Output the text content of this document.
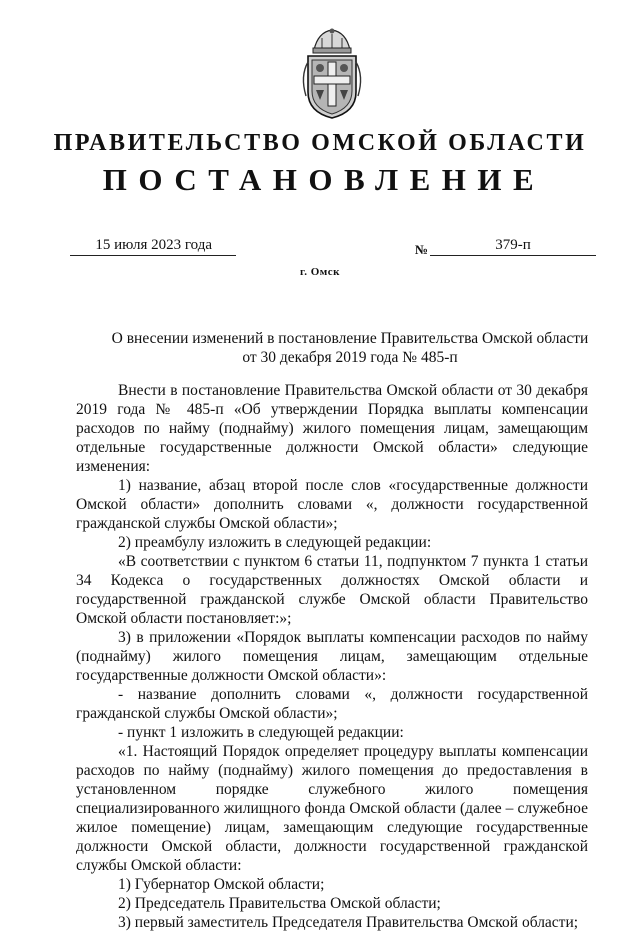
ПРАВИТЕЛЬСТВО ОМСКОЙ ОБЛАСТИ
ПОСТАНОВЛЕНИЕ
15 июля 2023 года	№	379-п
г. Омск
О внесении изменений в постановление Правительства Омской области
от 30 декабря 2019 года № 485-п

Внести в постановление Правительства Омской области от 30 декабря 2019 года № 485-п «Об утверждении Порядка выплаты компенсации расходов по найму (поднайму) жилого помещения лицам, замещающим отдельные государственные должности Омской области» следующие изменения:

1) название, абзац второй после слов «государственные должности Омской области» дополнить словами «, должности государственной гражданской службы Омской области»;

2) преамбулу изложить в следующей редакции:

«В соответствии с пунктом 6 статьи 11, подпунктом 7 пункта 1 статьи 34 Кодекса о государственных должностях Омской области и государственной гражданской службе Омской области Правительство Омской области постановляет:»;

3) в приложении «Порядок выплаты компенсации расходов по найму (поднайму) жилого помещения лицам, замещающим отдельные государственные должности Омской области»:

- название дополнить словами «, должности государственной гражданской службы Омской области»;

- пункт 1 изложить в следующей редакции:

«1. Настоящий Порядок определяет процедуру выплаты компенсации расходов по найму (поднайму) жилого помещения до предоставления в установленном порядке служебного жилого помещения специализированного жилищного фонда Омской области (далее – служебное жилое помещение) лицам, замещающим следующие государственные должности Омской области, должности государственной гражданской службы Омской области:

1) Губернатор Омской области;

2) Председатель Правительства Омской области;

3) первый заместитель Председателя Правительства Омской области;
